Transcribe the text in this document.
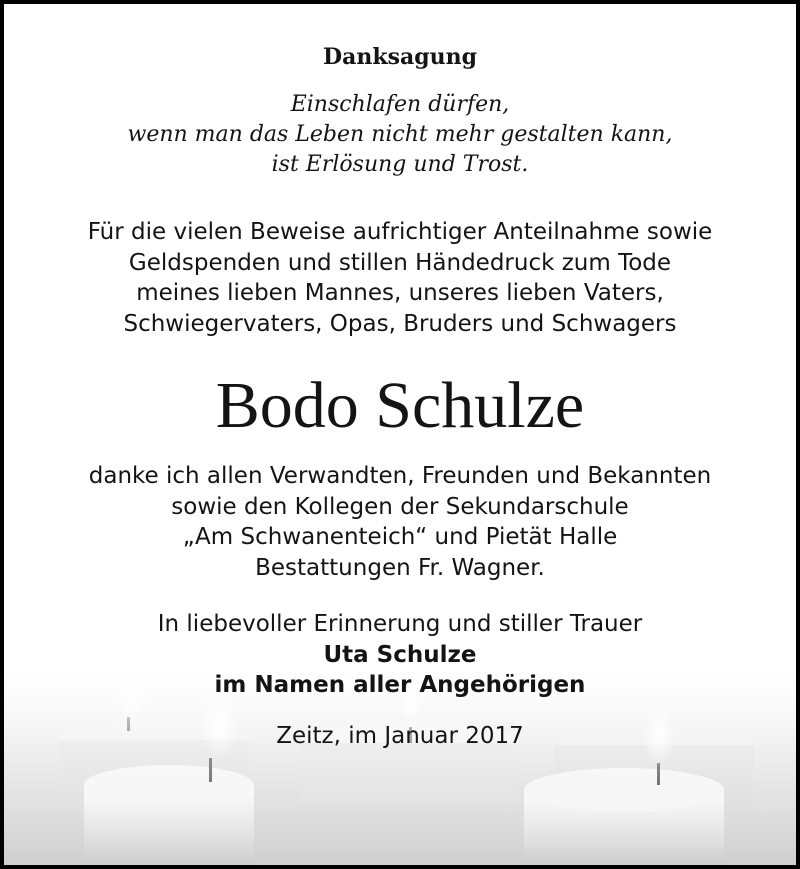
Danksagung
Einschlafen dürfen,
wenn man das Leben nicht mehr gestalten kann,
ist Erlösung und Trost.
Für die vielen Beweise aufrichtiger Anteilnahme sowie
Geldspenden und stillen Händedruck zum Tode
meines lieben Mannes, unseres lieben Vaters,
Schwiegervaters, Opas, Bruders und Schwagers
Bodo Schulze
danke ich allen Verwandten, Freunden und Bekannten
sowie den Kollegen der Sekundarschule
„Am Schwanenteich“ und Pietät Halle
Bestattungen Fr. Wagner.
In liebevoller Erinnerung und stiller Trauer
Uta Schulze
im Namen aller Angehörigen
Zeitz, im Januar 2017
